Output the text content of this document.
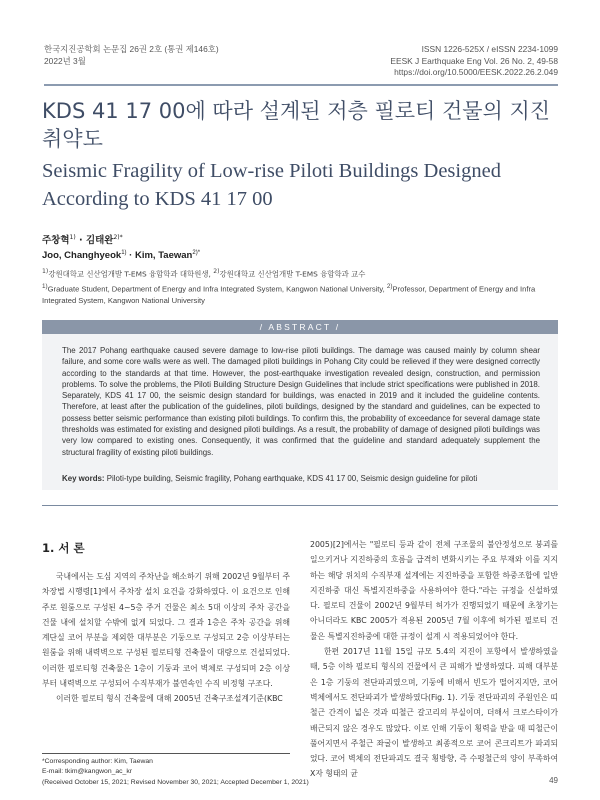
한국지진공학회 논문집 26권 2호 (통권 제146호)
2022년 3월
ISSN 1226-525X / eISSN 2234-1099
EESK J Earthquake Eng Vol. 26 No. 2, 49-58
https://doi.org/10.5000/EESK.2022.26.2.049
KDS 41 17 00에 따라 설계된 저층 필로티 건물의 지진 취약도
Seismic Fragility of Low-rise Piloti Buildings Designed According to KDS 41 17 00
주창혁$^{1)}$ · 김태완$^{2)*}$
Joo, Changhyeok$^{1)}$ · Kim, Taewan$^{2)*}$
$^{1)}$강원대학교 신산업개발 T-EMS 융합학과 대학원생, $^{2)}$강원대학교 신산업개발 T-EMS 융합학과 교수
$^{1)}$Graduate Student, Department of Energy and Infra Integrated System, Kangwon National University, $^{2)}$Professor, Department of Energy and Infra Integrated System, Kangwon National University
/ ABSTRACT /
The 2017 Pohang earthquake caused severe damage to low-rise piloti buildings. The damage was caused mainly by column shear failure, and some core walls were as well. The damaged piloti buildings in Pohang City could be relieved if they were designed correctly according to the standards at that time. However, the post-earthquake investigation revealed design, construction, and permission problems. To solve the problems, the Piloti Building Structure Design Guidelines that include strict specifications were published in 2018. Separately, KDS 41 17 00, the seismic design standard for buildings, was enacted in 2019 and it included the guideline contents. Therefore, at least after the publication of the guidelines, piloti buildings, designed by the standard and guidelines, can be expected to possess better seismic performance than existing piloti buildings. To confirm this, the probability of exceedance for several damage state thresholds was estimated for existing and designed piloti buildings. As a result, the probability of damage of designed piloti buildings was very low compared to existing ones. Consequently, it was confirmed that the guideline and standard adequately supplement the structural fragility of existing piloti buildings.
Key words: Piloti-type building, Seismic fragility, Pohang earthquake, KDS 41 17 00, Seismic design guideline for piloti
1. 서 론

국내에서는 도심 지역의 주차난을 해소하기 위해 2002년 9월부터 주차장법 시행령[1]에서 주차장 설치 요건을 강화하였다. 이 요건으로 인해 주로 원룸으로 구성된 4~5층 주거 건물은 최소 5대 이상의 주차 공간을 건물 내에 설치할 수밖에 없게 되었다. 그 결과 1층은 주차 공간을 위해 계단실 코어 부분을 제외한 대부분은 기둥으로 구성되고 2층 이상부터는 원룸을 위해 내력벽으로 구성된 필로티형 건축물이 대량으로 건설되었다. 이러한 필로티형 건축물은 1층이 기둥과 코어 벽체로 구성되며 2층 이상부터 내력벽으로 구성되어 수직부재가 불연속인 수직 비정형 구조다.

이러한 필로티 형식 건축물에 대해 2005년 건축구조설계기준(KBC

2005)[2]에서는 "필로티 등과 같이 전체 구조물의 불안정성으로 붕괴를 일으키거나 지진하중의 흐름을 급격히 변화시키는 주요 부재와 이를 지지하는 해당 위치의 수직부재 설계에는 지진하중을 포함한 하중조합에 일반 지진하중 대신 특별지진하중을 사용하여야 한다."라는 규정을 신설하였다. 필로티 건물이 2002년 9월부터 허가가 진행되었기 때문에 초창기는 아니더라도 KBC 2005가 적용된 2005년 7월 이후에 허가된 필로티 건물은 특별지진하중에 대한 규정이 설계 시 적용되었어야 한다.

한편 2017년 11월 15일 규모 5.4의 지진이 포항에서 발생하였을 때, 5층 이하 필로티 형식의 건물에서 큰 피해가 발생하였다. 피해 대부분은 1층 기둥의 전단파괴였으며, 기둥에 비해서 빈도가 떨어지지만, 코어 벽체에서도 전단파괴가 발생하였다(Fig. 1). 기둥 전단파괴의 주원인은 띠철근 간격이 넓은 것과 띠철근 갈고리의 부실이며, 더해서 크로스타이가 배근되지 않은 경우도 많았다. 이로 인해 기둥이 횡력을 받을 때 띠철근이 풀어지면서 주철근 좌굴이 발생하고 최종적으로 코어 콘크리트가 파괴되었다. 코어 벽체의 전단파괴도 결국 횡방향, 즉 수평철근의 양이 부족하여 X자 형태의 균

*Corresponding author: Kim, Taewan
E-mail: tkim@kangwon_ac_kr
(Received October 15, 2021; Revised November 30, 2021; Accepted December 1, 2021)	49
